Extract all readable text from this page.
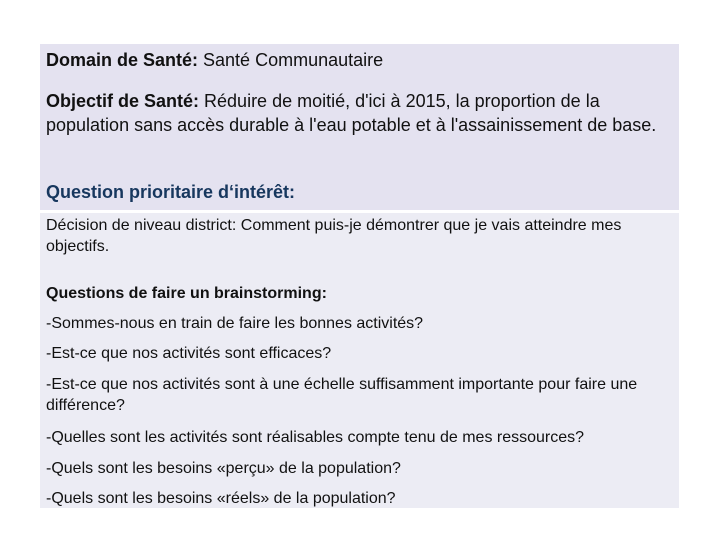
Domain de Santé: Santé Communautaire

Objectif de Santé: Réduire de moitié, d'ici à 2015, la proportion de la population sans accès durable à l'eau potable et à l'assainissement de base.

Question prioritaire d‘intérêt:

Décision de niveau district: Comment puis-je démontrer que je vais atteindre mes objectifs.

Questions de faire un brainstorming:

-Sommes-nous en train de faire les bonnes activités?

-Est-ce que nos activités sont efficaces?

-Est-ce que nos activités sont à une échelle suffisamment importante pour faire une différence?

-Quelles sont les activités sont réalisables compte tenu de mes ressources?

-Quels sont les besoins «perçu» de la population?

-Quels sont les besoins «réels» de la population?
